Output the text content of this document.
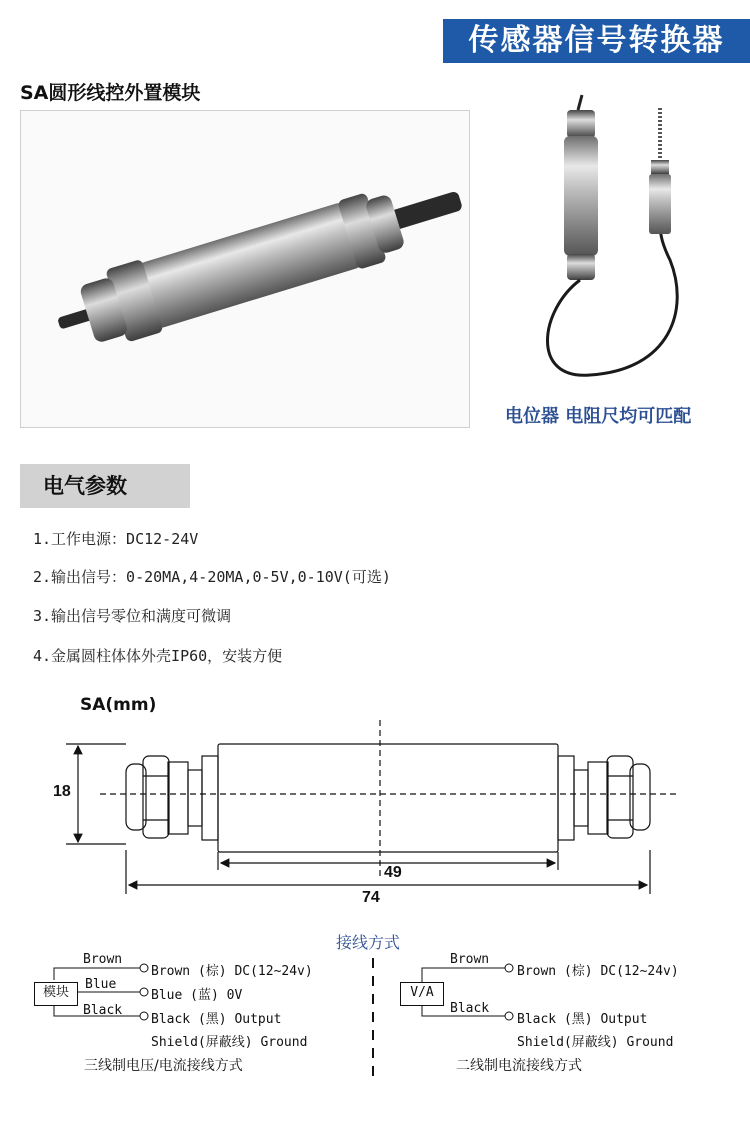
传感器信号转换器
SA圆形线控外置模块
电位器 电阻尺均可匹配
电气参数
1.工作电源：DC12-24V
2.输出信号：0-20MA,4-20MA,0-5V,0-10V(可选)
3.输出信号零位和满度可微调
4.金属圆柱体体外壳IP60，安装方便
SA(mm)
18
49
74
接线方式
模块
Brown
Blue
Black
Brown (棕) DC(12~24v)
Blue (蓝) 0V
Black (黑) Output
Shield(屏蔽线) Ground
三线制电压/电流接线方式
V/A
Brown
Black
Brown (棕) DC(12~24v)
Black (黑) Output
Shield(屏蔽线) Ground
二线制电流接线方式
